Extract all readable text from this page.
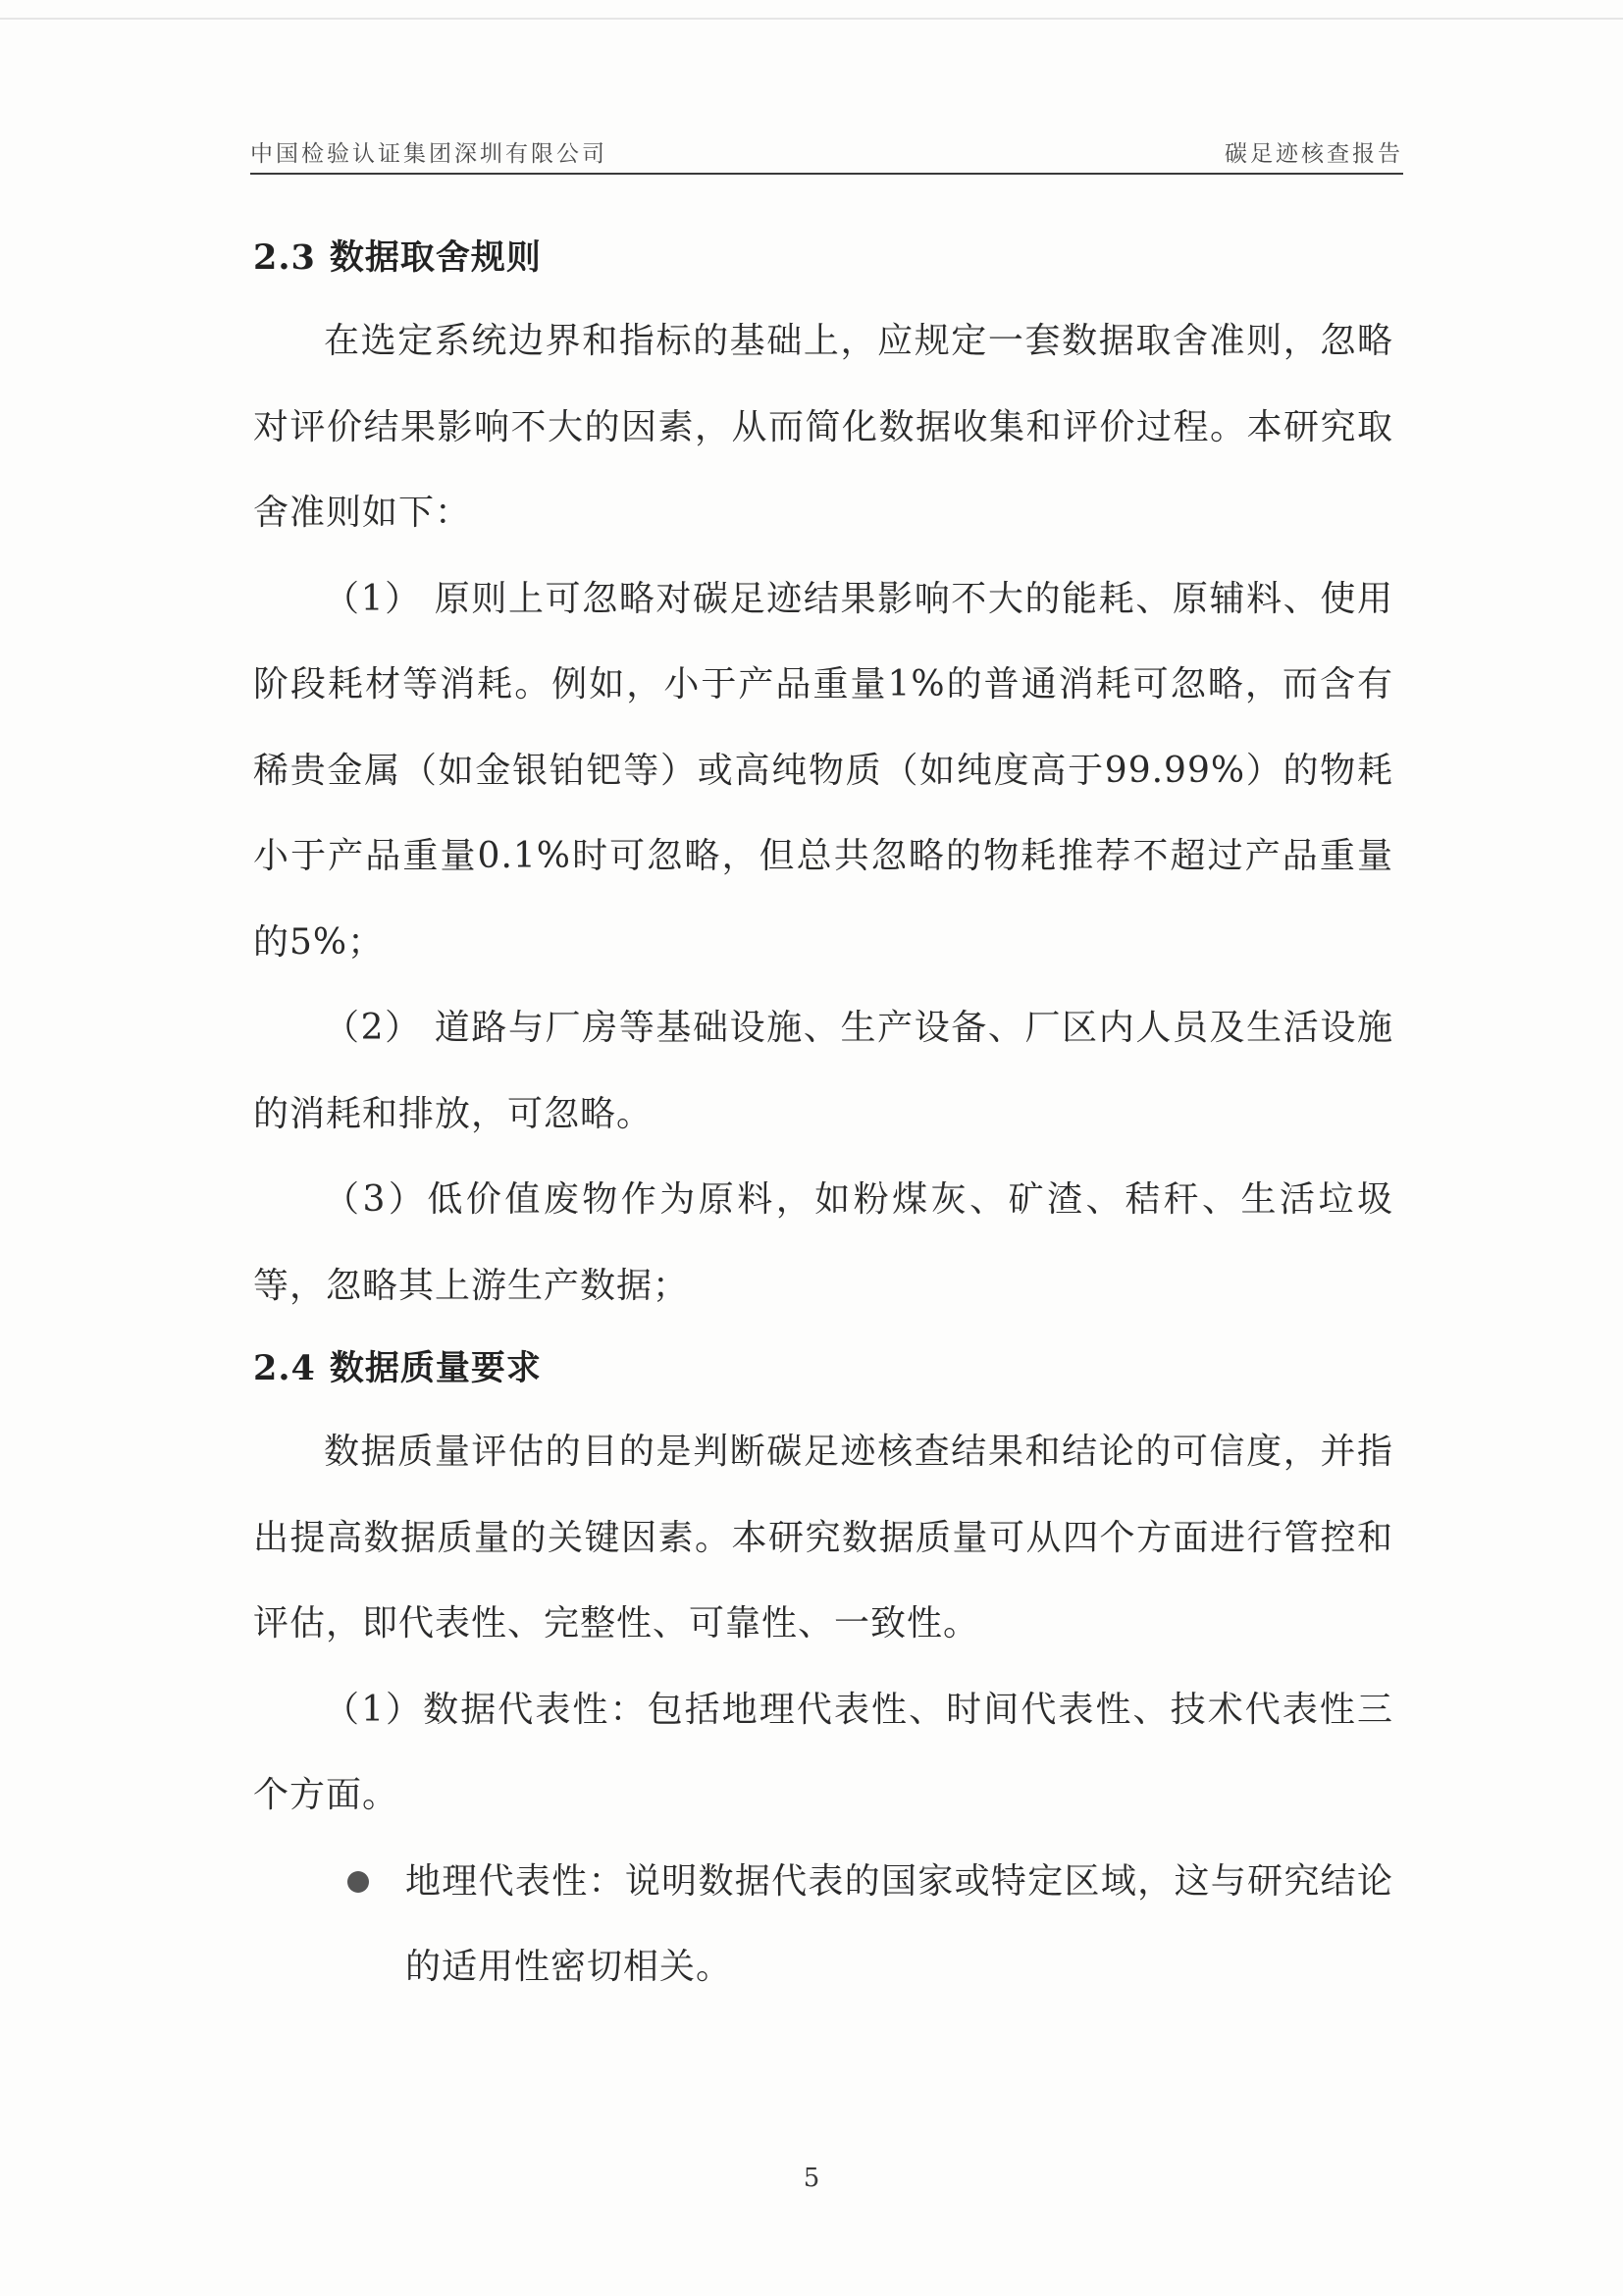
中国检验认证集团深圳有限公司	碳足迹核查报告
2.3 数据取舍规则

在选定系统边界和指标的基础上，应规定一套数据取舍准则，忽略对评价结果影响不大的因素，从而简化数据收集和评价过程。本研究取舍准则如下：

（1） 原则上可忽略对碳足迹结果影响不大的能耗、原辅料、使用阶段耗材等消耗。例如，小于产品重量1%的普通消耗可忽略，而含有稀贵金属（如金银铂钯等）或高纯物质（如纯度高于99.99%）的物耗小于产品重量0.1%时可忽略，但总共忽略的物耗推荐不超过产品重量的5%；

（2） 道路与厂房等基础设施、生产设备、厂区内人员及生活设施的消耗和排放，可忽略。

（3）低价值废物作为原料，如粉煤灰、矿渣、秸秆、生活垃圾等，忽略其上游生产数据；

2.4 数据质量要求

数据质量评估的目的是判断碳足迹核查结果和结论的可信度，并指出提高数据质量的关键因素。本研究数据质量可从四个方面进行管控和评估，即代表性、完整性、可靠性、一致性。

（1）数据代表性：包括地理代表性、时间代表性、技术代表性三个方面。

地理代表性：说明数据代表的国家或特定区域，这与研究结论的适用性密切相关。

5
